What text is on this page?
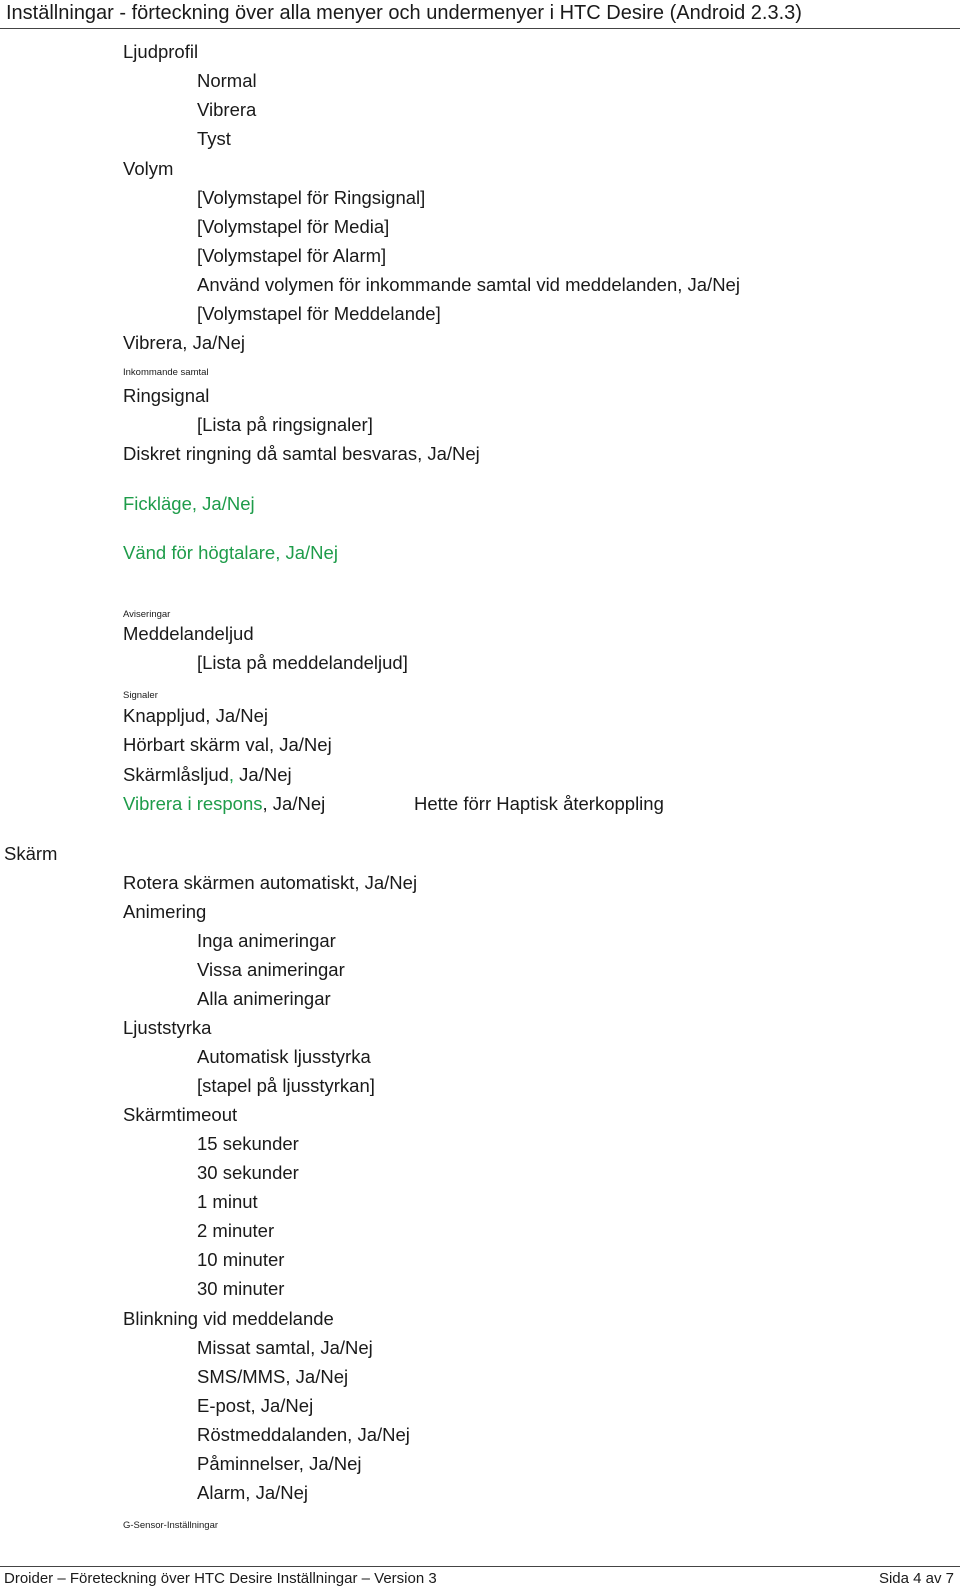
Inställningar - förteckning över alla menyer och undermenyer i HTC Desire (Android 2.3.3)
Ljudprofil
Normal
Vibrera
Tyst
Volym
[Volymstapel för Ringsignal]
[Volymstapel för Media]
[Volymstapel för Alarm]
Använd volymen för inkommande samtal vid meddelanden, Ja/Nej
[Volymstapel för Meddelande]
Vibrera, Ja/Nej
Inkommande samtal
Ringsignal
[Lista på ringsignaler]
Diskret ringning då samtal besvaras, Ja/Nej
Fickläge, Ja/Nej
Vänd för högtalare, Ja/Nej
Aviseringar
Meddelandeljud
[Lista på meddelandeljud]
Signaler
Knappljud, Ja/Nej
Hörbart skärm val, Ja/Nej
Skärmlåsljud, Ja/Nej
Vibrera i respons, Ja/Nej	Hette förr Haptisk återkoppling
Skärm
Rotera skärmen automatiskt, Ja/Nej
Animering
Inga animeringar
Vissa animeringar
Alla animeringar
Ljuststyrka
Automatisk ljusstyrka
[stapel på ljusstyrkan]
Skärmtimeout
15 sekunder
30 sekunder
1 minut
2 minuter
10 minuter
30 minuter
Blinkning vid meddelande
Missat samtal, Ja/Nej
SMS/MMS, Ja/Nej
E-post, Ja/Nej
Röstmeddalanden, Ja/Nej
Påminnelser, Ja/Nej
Alarm, Ja/Nej
G-Sensor-Inställningar
Droider – Företeckning över HTC Desire Inställningar – Version 3	Sida 4 av 7
